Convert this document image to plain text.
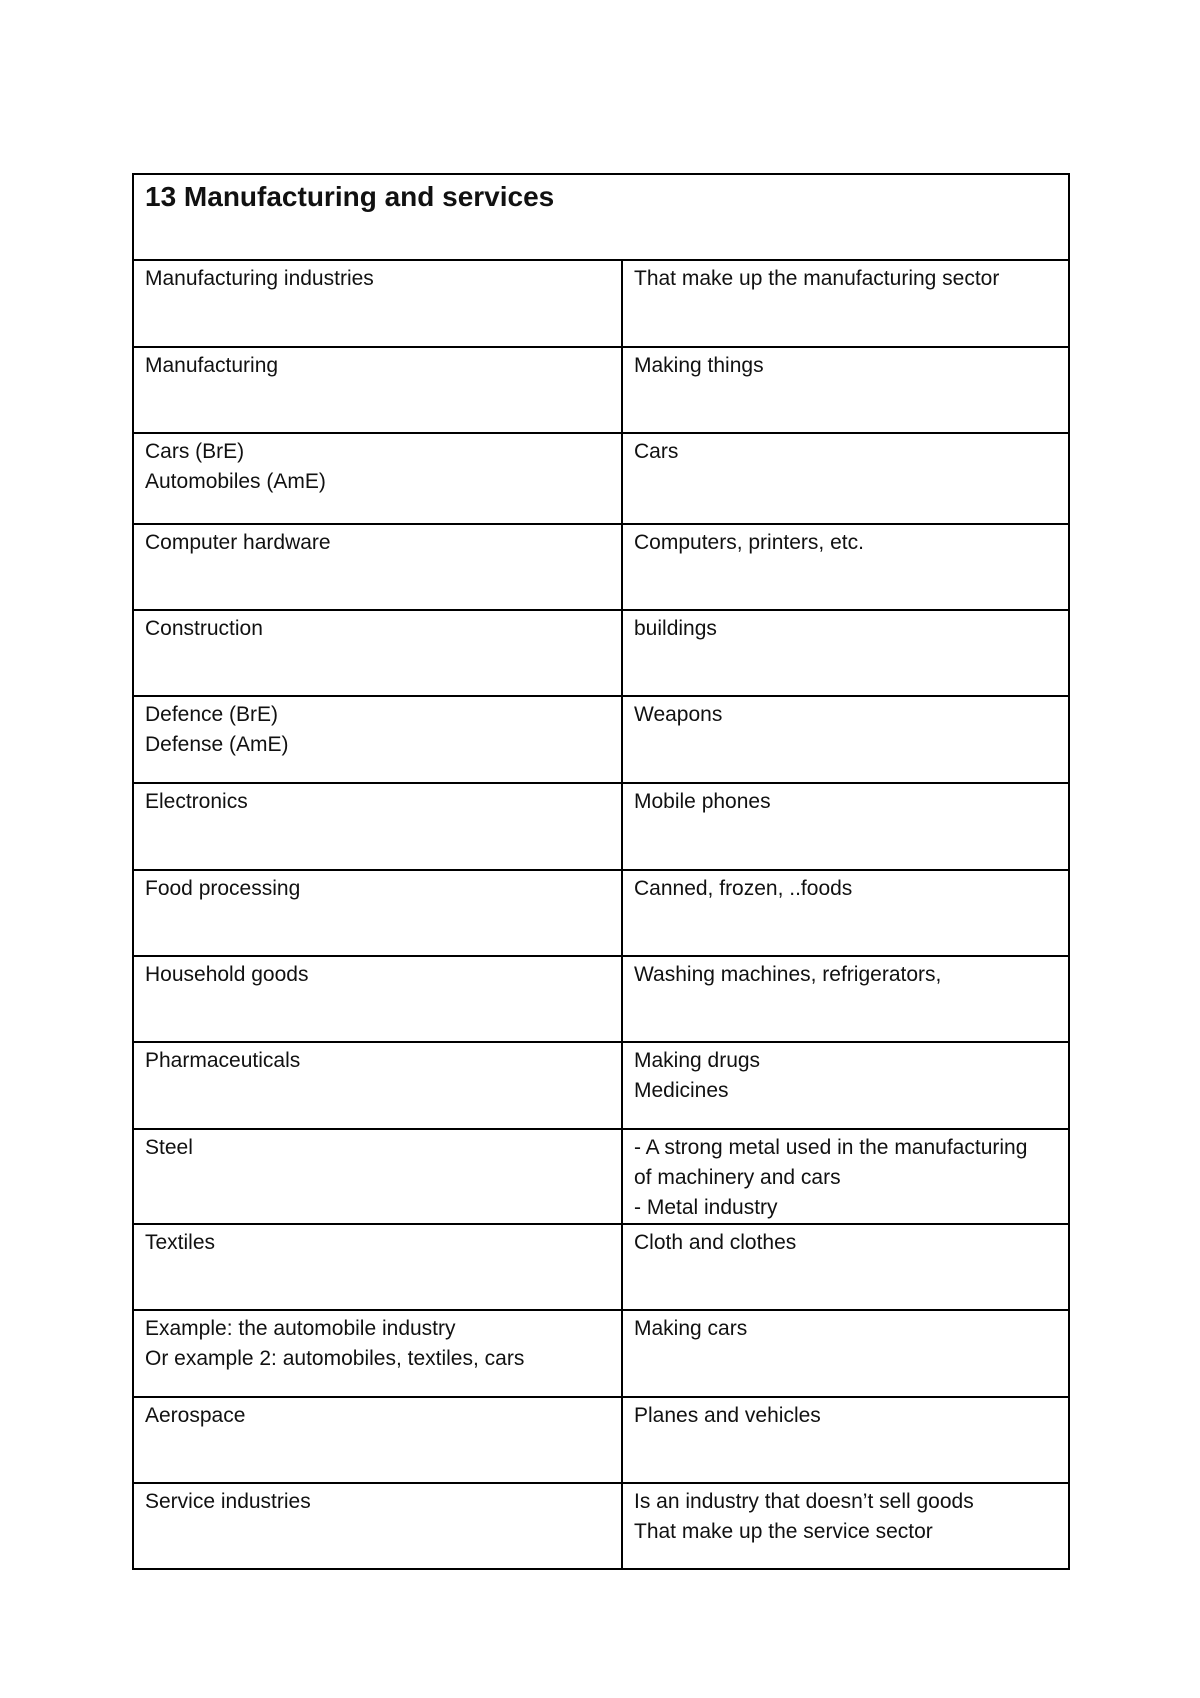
13 Manufacturing and services	

Manufacturing industries	That make up the manufacturing sector

Manufacturing	Making things

Cars (BrE)
Automobiles (AmE)	Cars

Computer hardware	Computers, printers, etc.

Construction	buildings

Defence (BrE)
Defense (AmE)	Weapons

Electronics	Mobile phones

Food processing	Canned, frozen, ..foods

Household goods	Washing machines, refrigerators,

Pharmaceuticals	Making drugs
Medicines

Steel	- A strong metal used in the manufacturing
of machinery and cars
- Metal industry

Textiles	Cloth and clothes

Example: the automobile industry
Or example 2: automobiles, textiles, cars	Making cars

Aerospace	Planes and vehicles

Service industries	Is an industry that doesn’t sell goods
That make up the service sector
